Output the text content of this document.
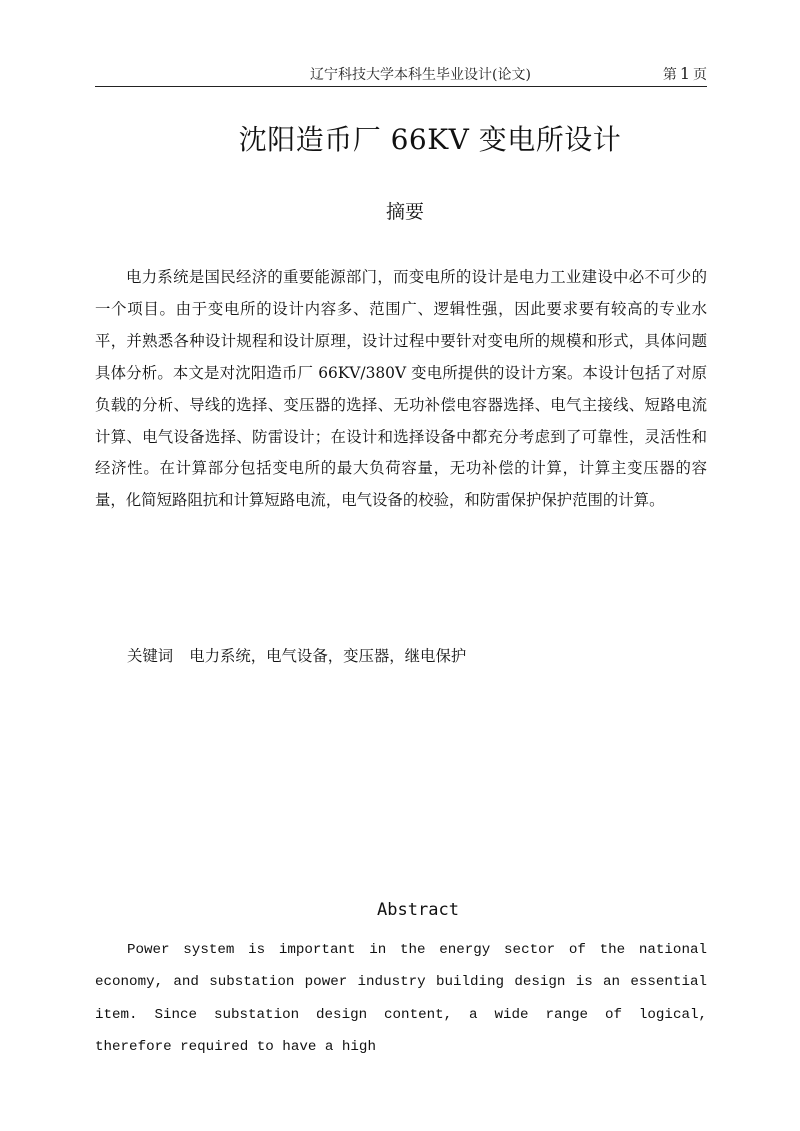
辽宁科技大学本科生毕业设计(论文)	第 1 页
沈阳造币厂 66KV 变电所设计
摘要

电力系统是国民经济的重要能源部门，而变电所的设计是电力工业建设中必不可少的一个项目。由于变电所的设计内容多、范围广、逻辑性强，因此要求要有较高的专业水平，并熟悉各种设计规程和设计原理，设计过程中要针对变电所的规模和形式，具体问题具体分析。本文是对沈阳造币厂 66KV/380V 变电所提供的设计方案。本设计包括了对原负载的分析、导线的选择、变压器的选择、无功补偿电容器选择、电气主接线、短路电流计算、电气设备选择、防雷设计；在设计和选择设备中都充分考虑到了可靠性，灵活性和经济性。在计算部分包括变电所的最大负荷容量，无功补偿的计算，计算主变压器的容量，化简短路阻抗和计算短路电流，电气设备的校验，和防雷保护保护范围的计算。

关键词 电力系统，电气设备，变压器，继电保护
Abstract

Power system is important in the energy sector of the national economy, and substation power industry building design is an essential item. Since substation design content, a wide range of logical, therefore required to have a high
